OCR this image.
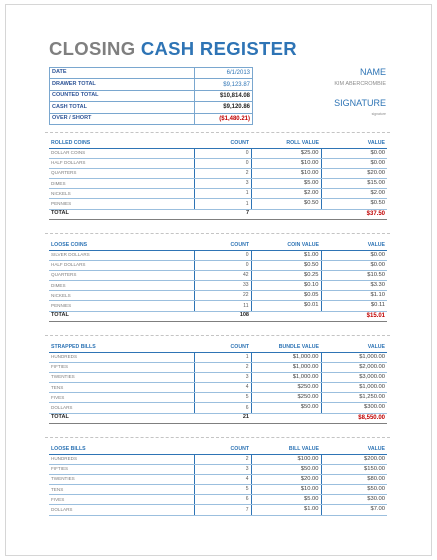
CLOSING CASH REGISTER
DATE	6/1/2013
DRAWER TOTAL	$9,123.87
COUNTED TOTAL	$10,814.08
CASH TOTAL	$9,120.86
OVER / SHORT	($1,480.21)
NAME
KIM ABERCROMBIE
SIGNATURE
signature
ROLLED COINS	COUNT	ROLL VALUE	VALUE
DOLLAR COINS	0	$25.00	$0.00
HALF DOLLARS	0	$10.00	$0.00
QUARTERS	2	$10.00	$20.00
DIMES	3	$5.00	$15.00
NICKELS	1	$2.00	$2.00
PENNIES	1	$0.50	$0.50
TOTAL	7		$37.50
LOOSE COINS	COUNT	COIN VALUE	VALUE
SILVER DOLLARS	0	$1.00	$0.00
HALF DOLLARS	0	$0.50	$0.00
QUARTERS	42	$0.25	$10.50
DIMES	33	$0.10	$3.30
NICKELS	22	$0.05	$1.10
PENNIES	11	$0.01	$0.11
TOTAL	108		$15.01
STRAPPED BILLS	COUNT	BUNDLE VALUE	VALUE
HUNDREDS	1	$1,000.00	$1,000.00
FIFTIES	2	$1,000.00	$2,000.00
TWENTIES	3	$1,000.00	$3,000.00
TENS	4	$250.00	$1,000.00
FIVES	5	$250.00	$1,250.00
DOLLARS	6	$50.00	$300.00
TOTAL	21		$8,550.00
LOOSE BILLS	COUNT	BILL VALUE	VALUE
HUNDREDS	2	$100.00	$200.00
FIFTIES	3	$50.00	$150.00
TWENTIES	4	$20.00	$80.00
TENS	5	$10.00	$50.00
FIVES	6	$5.00	$30.00
DOLLARS	7	$1.00	$7.00
